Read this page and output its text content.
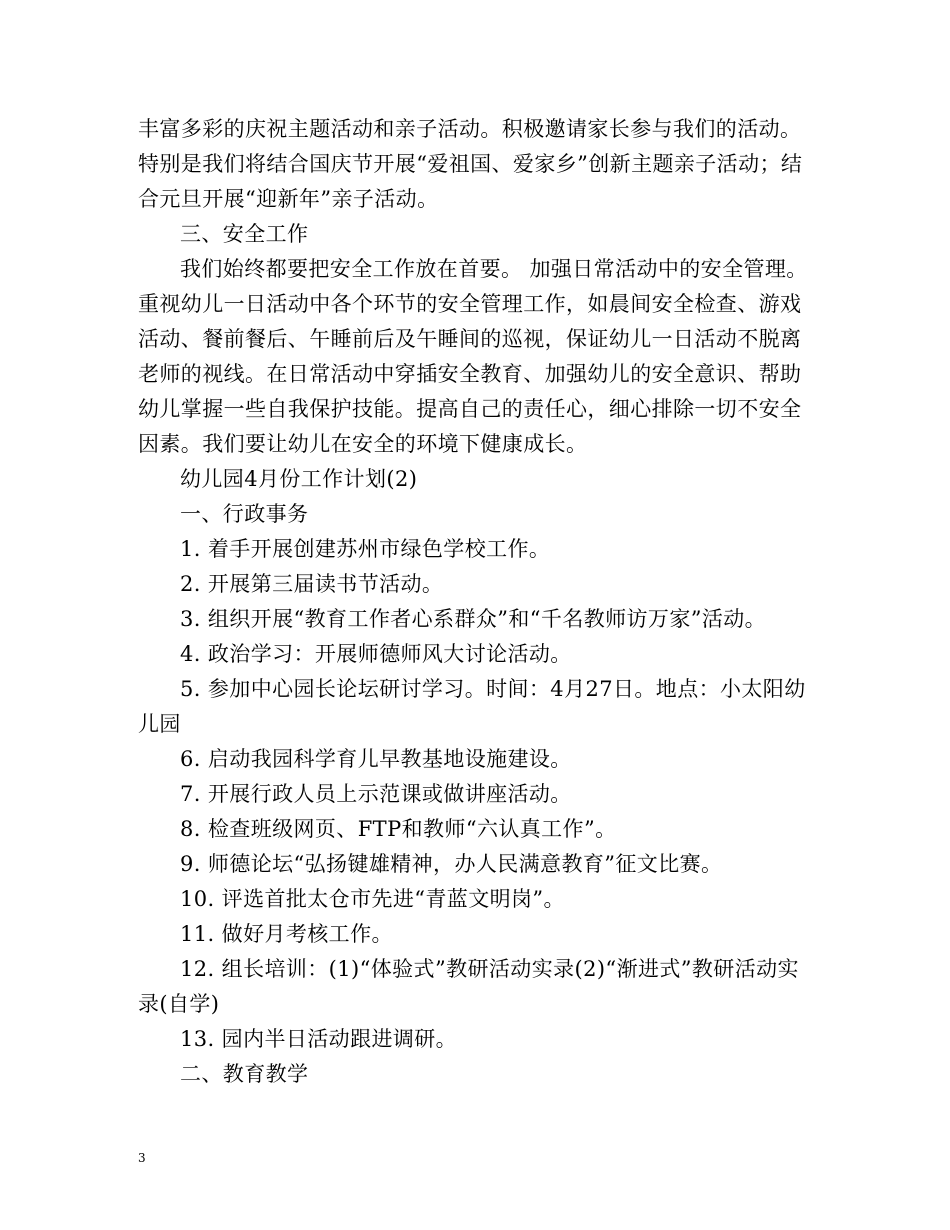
丰富多彩的庆祝主题活动和亲子活动。积极邀请家长参与我们的活动。特别是我们将结合国庆节开展“爱祖国、爱家乡”创新主题亲子活动；结合元旦开展“迎新年”亲子活动。

三、安全工作

我们始终都要把安全工作放在首要。 加强日常活动中的安全管理。重视幼儿一日活动中各个环节的安全管理工作，如晨间安全检查、游戏活动、餐前餐后、午睡前后及午睡间的巡视，保证幼儿一日活动不脱离老师的视线。在日常活动中穿插安全教育、加强幼儿的安全意识、帮助幼儿掌握一些自我保护技能。提高自己的责任心，细心排除一切不安全因素。我们要让幼儿在安全的环境下健康成长。

幼儿园4月份工作计划(2)

一、行政事务

1. 着手开展创建苏州市绿色学校工作。

2. 开展第三届读书节活动。

3. 组织开展“教育工作者心系群众”和“千名教师访万家”活动。

4. 政治学习：开展师德师风大讨论活动。

5. 参加中心园长论坛研讨学习。时间：4月27日。地点：小太阳幼儿园

6. 启动我园科学育儿早教基地设施建设。

7. 开展行政人员上示范课或做讲座活动。

8. 检查班级网页、FTP和教师“六认真工作”。

9. 师德论坛“弘扬键雄精神，办人民满意教育”征文比赛。

10. 评选首批太仓市先进“青蓝文明岗”。

11. 做好月考核工作。

12. 组长培训：(1)“体验式”教研活动实录(2)“渐进式”教研活动实录(自学)

13. 园内半日活动跟进调研。

二、教育教学

3
